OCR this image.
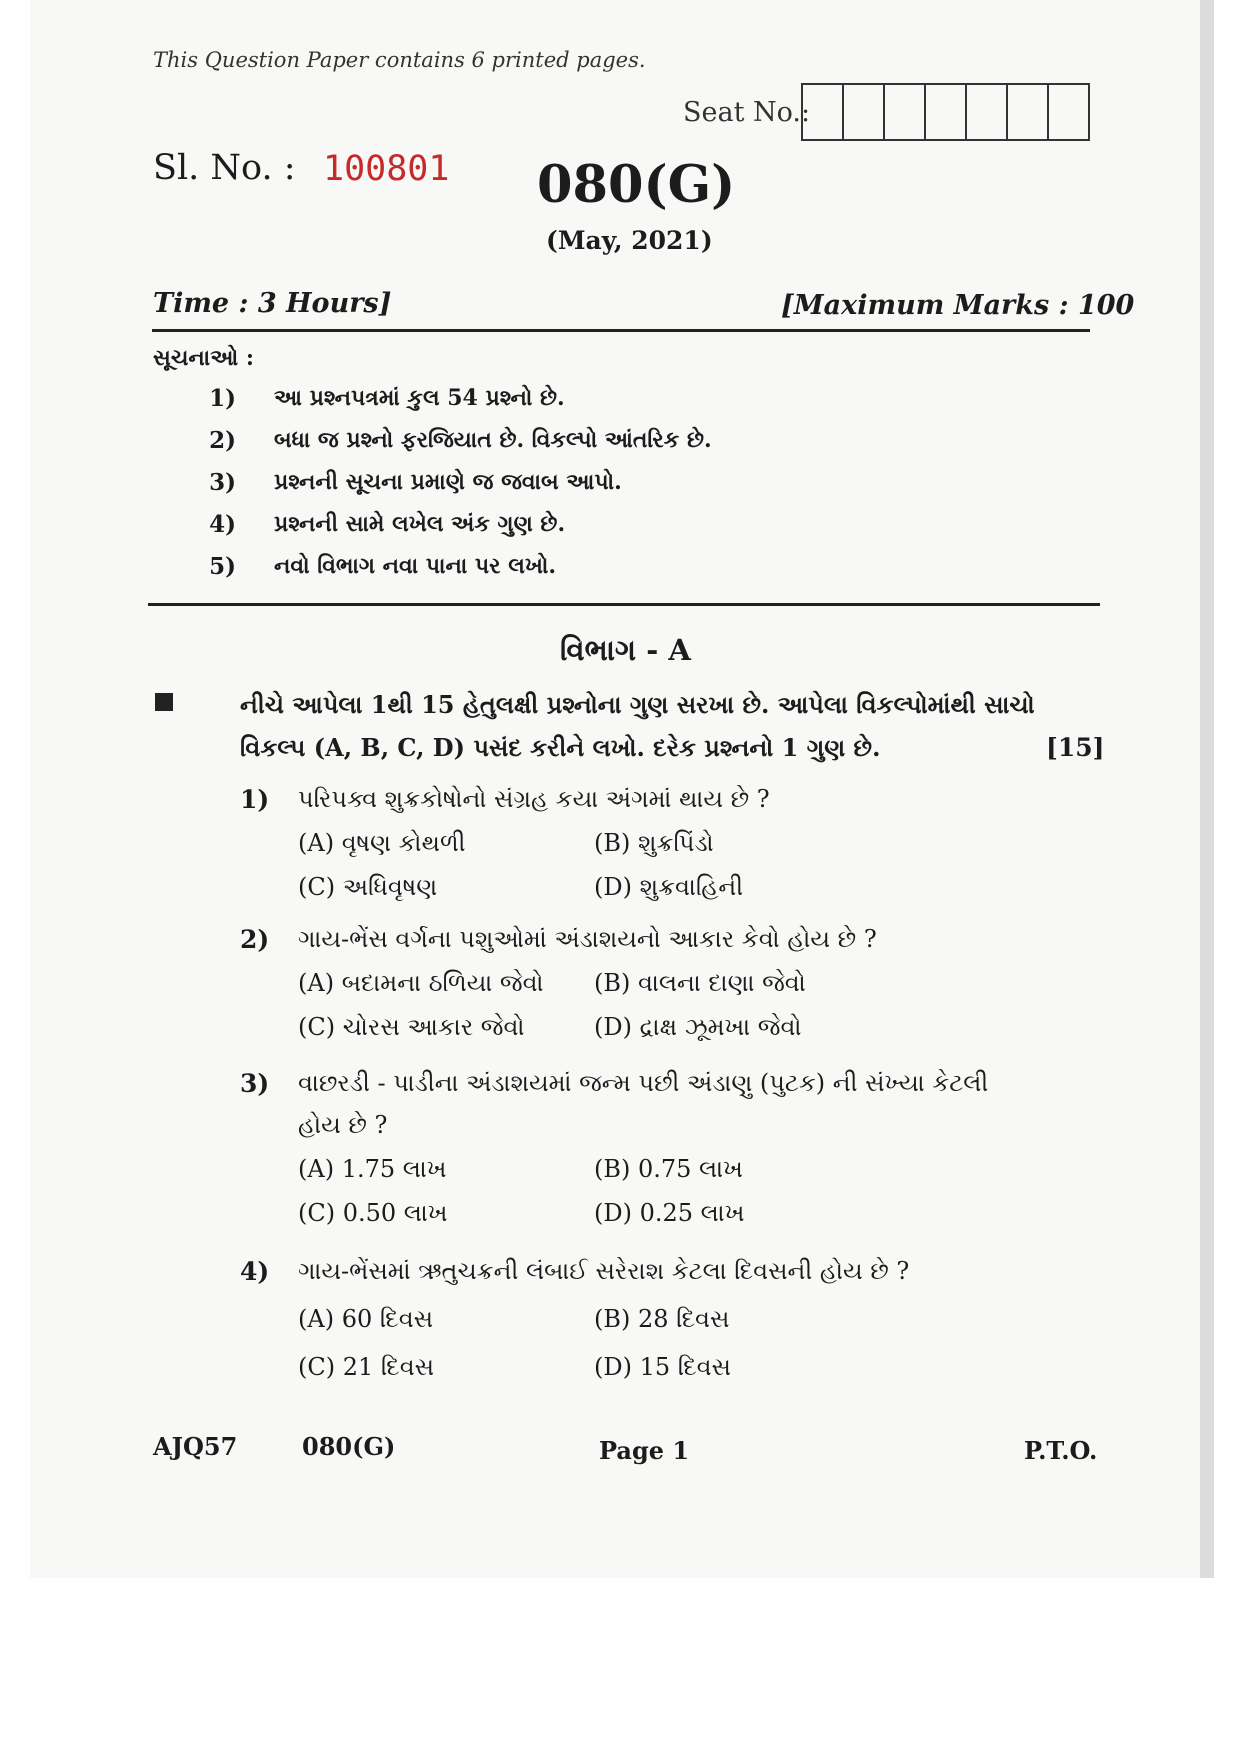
This Question Paper contains 6 printed pages.
Seat No.:
Sl. No. : 100801 080(G)
(May, 2021)
Time : 3 Hours]	[Maximum Marks : 100
સૂચનાઓ :
1) આ પ્રશ્નપત્રમાં કુલ 54 પ્રશ્નો છે.
2) બધા જ પ્રશ્નો ફરજિયાત છે. વિકલ્પો આંતરિક છે.
3) પ્રશ્નની સૂચના પ્રમાણે જ જવાબ આપો.
4) પ્રશ્નની સામે લખેલ અંક ગુણ છે.
5) નવો વિભાગ નવા પાના પર લખો.
વિભાગ - A
નીચે આપેલા 1થી 15 હેતુલક્ષી પ્રશ્નોના ગુણ સરખા છે. આપેલા વિકલ્પોમાંથી સાચો
વિકલ્પ (A, B, C, D) પસંદ કરીને લખો. દરેક પ્રશ્નનો 1 ગુણ છે.	[15]
1) પરિપક્વ શુક્રકોષોનો સંગ્રહ કયા અંગમાં થાય છે ?
(A) વૃષણ કોથળી	(B) શુક્રપિંડો
(C) અધિવૃષણ	(D) શુક્રવાહિની
2) ગાય-ભેંસ વર્ગના પશુઓમાં અંડાશયનો આકાર કેવો હોય છે ?
(A) બદામના ઠળિયા જેવો (B) વાલના દાણા જેવો
(C) ચોરસ આકાર જેવો	(D) દ્રાક્ષ ઝૂમખા જેવો
3) વાછરડી - પાડીના અંડાશયમાં જન્મ પછી અંડાણુ (પુટક) ની સંખ્યા કેટલી
હોય છે ?
(A) 1.75 લાખ	(B) 0.75 લાખ
(C) 0.50 લાખ	(D) 0.25 લાખ
4) ગાય-ભેંસમાં ઋતુચક્રની લંબાઈ સરેરાશ કેટલા દિવસની હોય છે ?
(A) 60 દિવસ	(B) 28 દિવસ
(C) 21 દિવસ	(D) 15 દિવસ
AJQ57	080(G)	Page 1	P.T.O.
